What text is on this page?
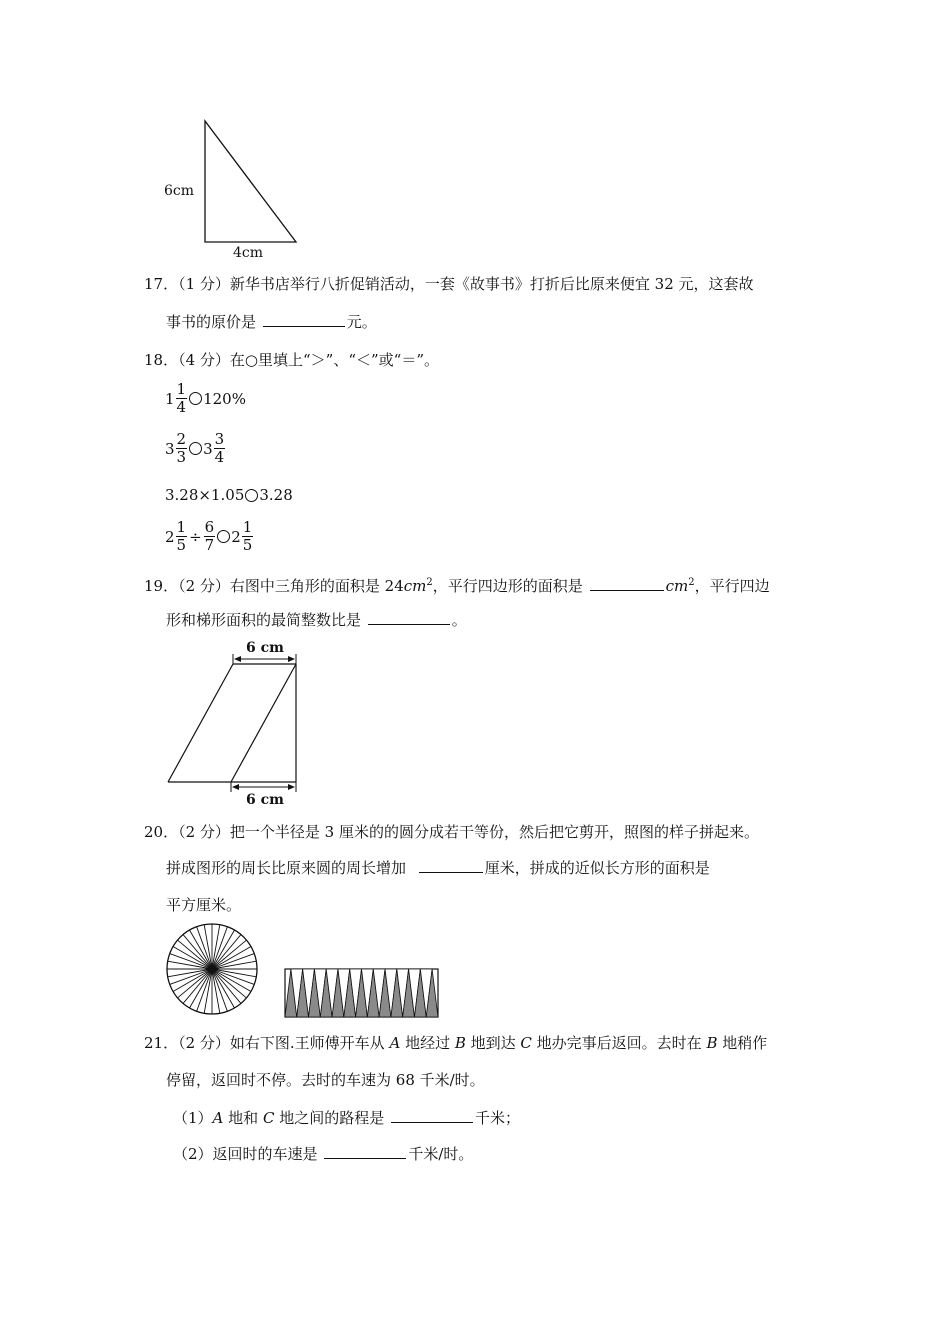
6cm
4cm
17．（1 分）新华书店举行八折促销活动，一套《故事书》打折后比原来便宜 32 元，这套故
事书的原价是	元。
18．（4 分）在○里填上“＞”、“＜”或“＝”。
$1 \frac{1}{4} 120\%$
$3 \frac{2}{3} 3 \frac{3}{4}$
3.28×1.05 3.28
$2 \frac{1}{5} \div \frac{6}{7} 2 \frac{1}{5}$
19．（2 分）右图中三角形的面积是 $24cm^2$，平行四边形的面积是	$cm^2$，平行四边
形和梯形面积的最简整数比是	。
6 cm
6 cm
20．（2 分）把一个半径是 3 厘米的的圆分成若干等份，然后把它剪开，照图的样子拼起来。
拼成图形的周长比原来圆的周长增加	厘米，拼成的近似长方形的面积是
平方厘米。
21．（2 分）如右下图.王师傅开车从 A 地经过 B 地到达 C 地办完事后返回。去时在 B 地稍作
停留，返回时不停。去时的车速为 68 千米/时。
（1）A 地和 C 地之间的路程是	千米；
（2）返回时的车速是	千米/时。
